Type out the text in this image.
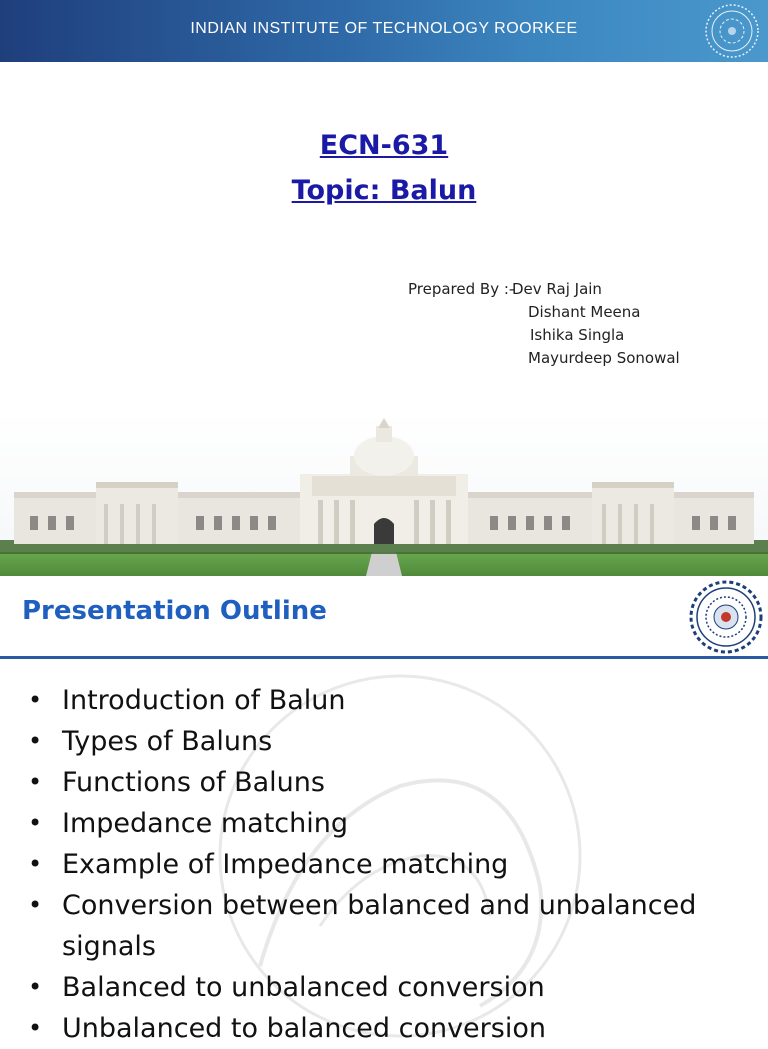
INDIAN INSTITUTE OF TECHNOLOGY ROORKEE
ECN-631
Topic: Balun
Prepared By :-
Dev Raj Jain
Dishant Meena
Ishika Singla
Mayurdeep Sonowal
Presentation Outline
• Introduction of Balun
• Types of Baluns
• Functions of Baluns
• Impedance matching
• Example of Impedance matching
• Conversion between balanced and unbalanced signals
• Balanced to unbalanced conversion
• Unbalanced to balanced conversion
